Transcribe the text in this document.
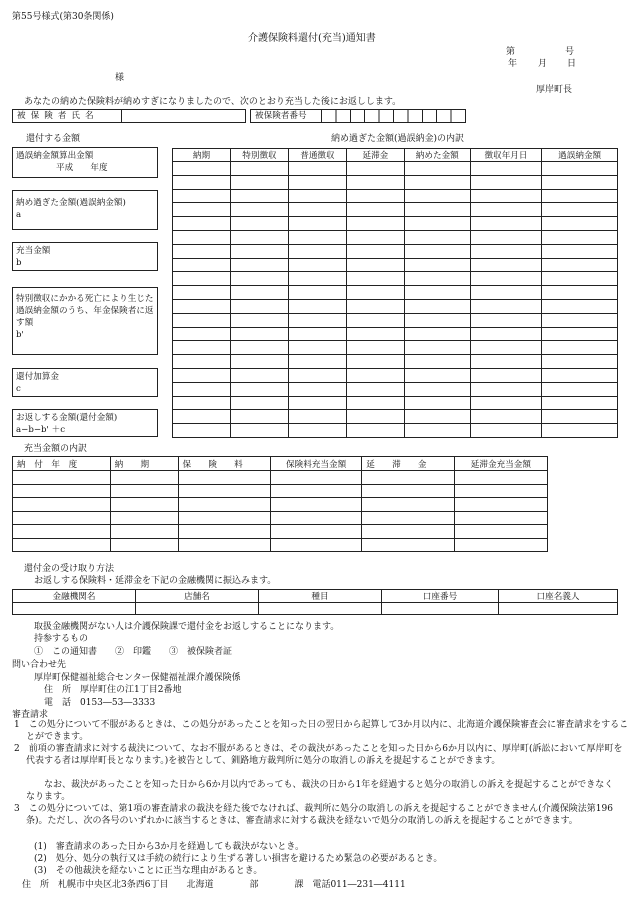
第55号様式(第30条関係)
介護保険料還付(充当)通知書
第	号
年 月 日
様
厚岸町長
あなたの納めた保険料が納めすぎになりましたので、次のとおり充当した後にお返しします。
被保険者氏名	被保険者番号
還付する金額	納め過ぎた金額(過誤納金)の内訳
過誤納金額算出金額
平成　　 年度
納め過ぎた金額(過誤納金額)
a
充当金額
b
特別徴収にかかる死亡により生じた過誤納金額のうち、年金保険者に返す額
b'
還付加算金
c
お返しする金額(還付金額)
a−b−b' ＋c
納期	特別徴収	普通徴収	延滞金	納めた金額	徴収年月日	過誤納金額

充当金額の内訳
納　付　年　度	納　　期	保　　険　　料	保険料充当金額	延　　滞　　金	延滞金充当金額

還付金の受け取り方法
お返しする保険料・延滞金を下記の金融機関に振込みます。
金融機関名	店舗名	種目	口座番号	口座名義人

取扱金融機関がない人は介護保険課で還付金をお返しすることになります。
持参するもの
①　この通知書　　②　印鑑　　③　被保険者証
問い合わせ先
厚岸町保健福祉総合センター保健福祉課介護保険係
住　所　厚岸町住の江1丁目2番地
電　話　0153―53―3333
審査請求
1　この処分について不服があるときは、この処分があったことを知った日の翌日から起算して3か月以内に、北海道介護保険審査会に審査請求をすることができます。
2　前項の審査請求に対する裁決について、なお不服があるときは、その裁決があったことを知った日から6か月以内に、厚岸町(訴訟において厚岸町を代表する者は厚岸町長となります。)を被告として、釧路地方裁判所に処分の取消しの訴えを提起することができます。
なお、裁決があったことを知った日から6か月以内であっても、裁決の日から1年を経過すると処分の取消しの訴えを提起することができなくなります。
3　この処分については、第1項の審査請求の裁決を経た後でなければ、裁判所に処分の取消しの訴えを提起することができません(介護保険法第196条)。ただし、次の各号のいずれかに該当するときは、審査請求に対する裁決を経ないで処分の取消しの訴えを提起することができます。
(1)　審査請求のあった日から3か月を経過しても裁決がないとき。
(2)　処分、処分の執行又は手続の続行により生ずる著しい損害を避けるため緊急の必要があるとき。
(3)　その他裁決を経ないことに正当な理由があるとき。
住　所　札幌市中央区北3条西6丁目　　北海道　　　　部　　　　課　電話011―231―4111
